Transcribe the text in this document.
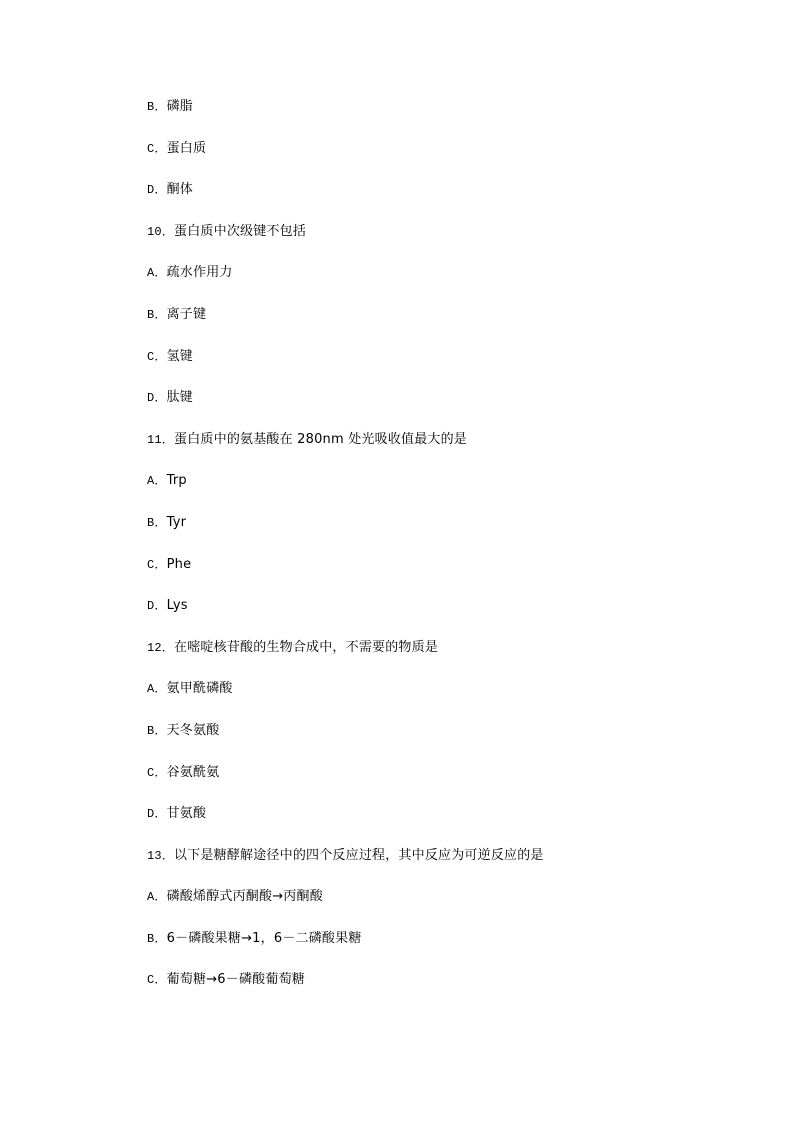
B．磷脂
C．蛋白质
D．酮体
10．蛋白质中次级键不包括
A．疏水作用力
B．离子键
C．氢键
D．肽键
11．蛋白质中的氨基酸在 280nm 处光吸收值最大的是
A．Trp
B．Tyr
C．Phe
D．Lys
12．在嘧啶核苷酸的生物合成中，不需要的物质是
A．氨甲酰磷酸
B．天冬氨酸
C．谷氨酰氨
D．甘氨酸
13．以下是糖酵解途径中的四个反应过程，其中反应为可逆反应的是
A．磷酸烯醇式丙酮酸→丙酮酸
B．6－磷酸果糖→1，6－二磷酸果糖
C．葡萄糖→6－磷酸葡萄糖
